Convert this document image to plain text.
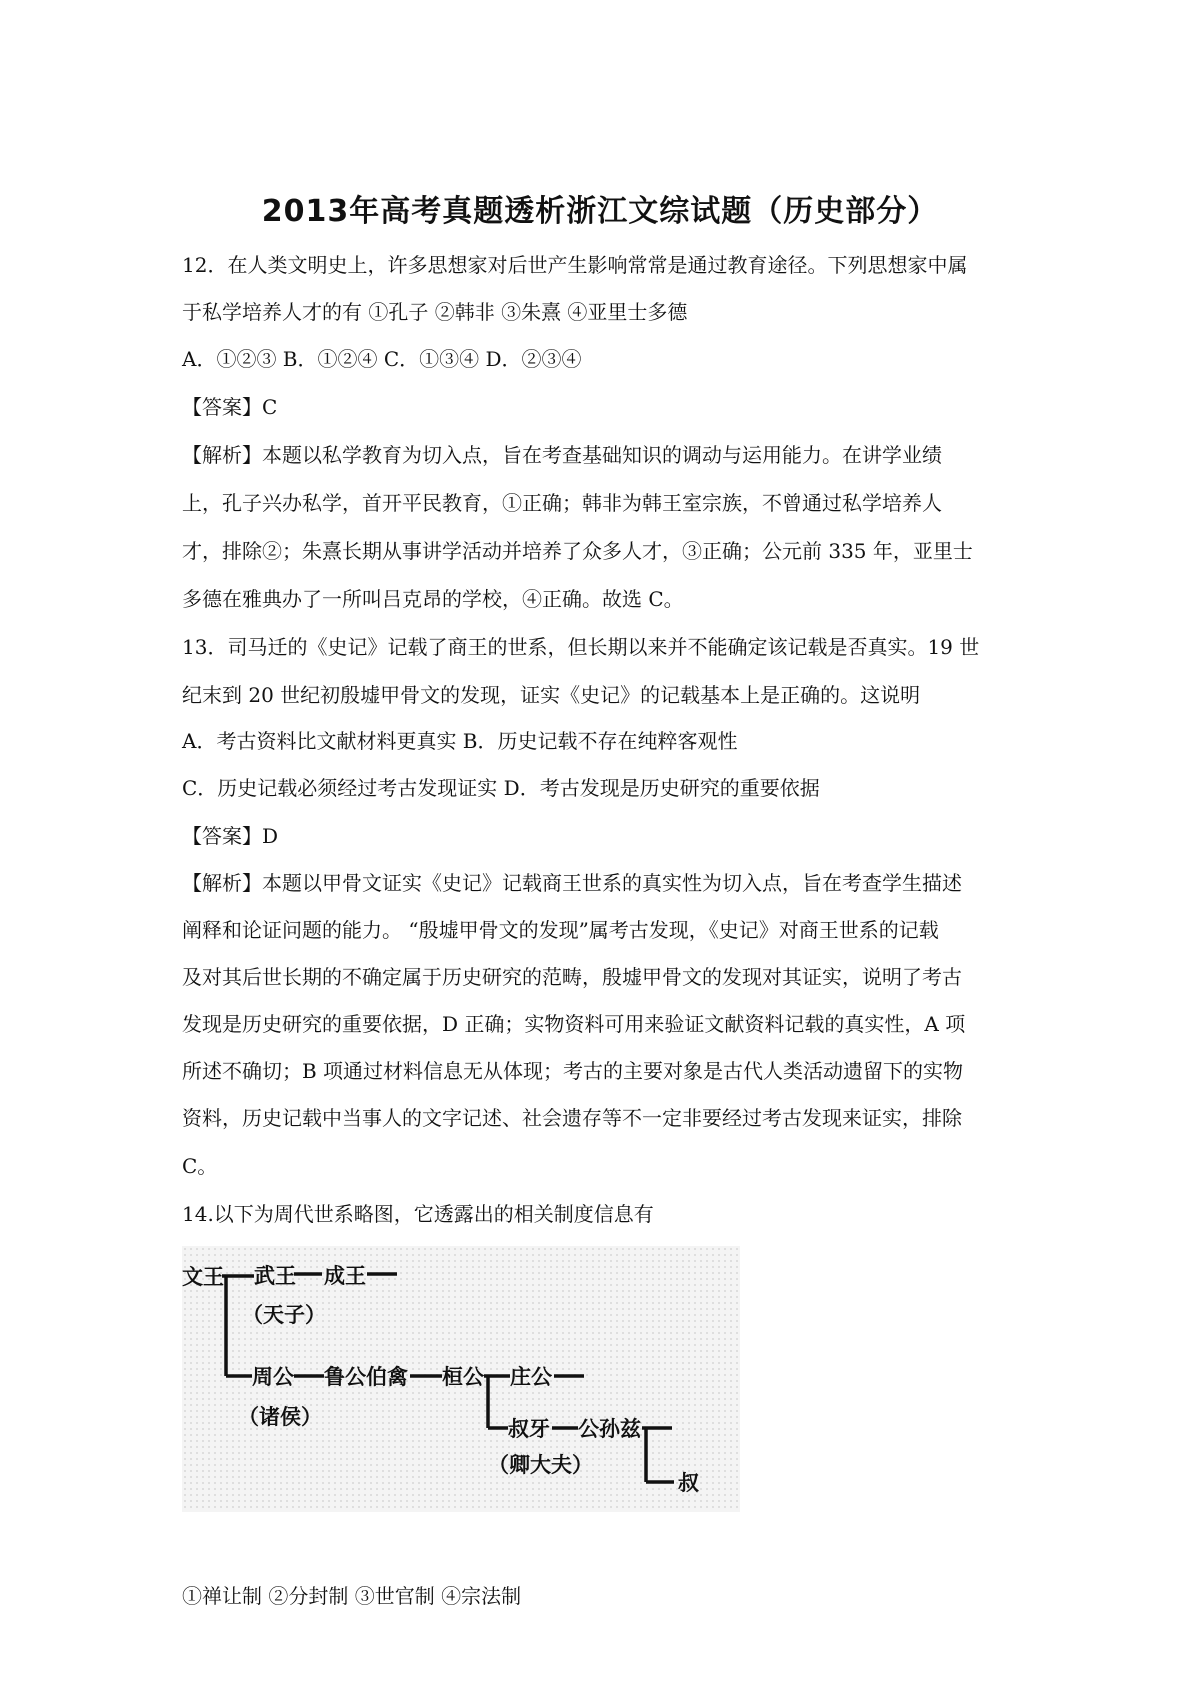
2013年高考真题透析浙江文综试题（历史部分）
12．在人类文明史上，许多思想家对后世产生影响常常是通过教育途径。下列思想家中属
于私学培养人才的有 ①孔子 ②韩非 ③朱熹 ④亚里士多德
A．①②③ B．①②④ C．①③④ D．②③④
【答案】C
【解析】本题以私学教育为切入点，旨在考查基础知识的调动与运用能力。在讲学业绩
上，孔子兴办私学，首开平民教育，①正确；韩非为韩王室宗族，不曾通过私学培养人
才，排除②；朱熹长期从事讲学活动并培养了众多人才，③正确；公元前 335 年，亚里士
多德在雅典办了一所叫吕克昂的学校，④正确。故选 C。
13．司马迁的《史记》记载了商王的世系，但长期以来并不能确定该记载是否真实。19 世
纪末到 20 世纪初殷墟甲骨文的发现，证实《史记》的记载基本上是正确的。这说明
A．考古资料比文献材料更真实 B．历史记载不存在纯粹客观性
C．历史记载必须经过考古发现证实 D．考古发现是历史研究的重要依据
【答案】D
【解析】本题以甲骨文证实《史记》记载商王世系的真实性为切入点，旨在考查学生描述
阐释和论证问题的能力。 “殷墟甲骨文的发现”属考古发现，《史记》对商王世系的记载
及对其后世长期的不确定属于历史研究的范畴，殷墟甲骨文的发现对其证实，说明了考古
发现是历史研究的重要依据，D 正确；实物资料可用来验证文献资料记载的真实性，A 项
所述不确切；B 项通过材料信息无从体现；考古的主要对象是古代人类活动遗留下的实物
资料，历史记载中当事人的文字记述、社会遗存等不一定非要经过考古发现来证实，排除
C。
14.以下为周代世系略图，它透露出的相关制度信息有
文王 武王 成王
（天子）
周公 鲁公伯禽 桓公 庄公
（诸侯）	叔牙 公孙兹
（卿大夫）
叔
①禅让制 ②分封制 ③世官制 ④宗法制
